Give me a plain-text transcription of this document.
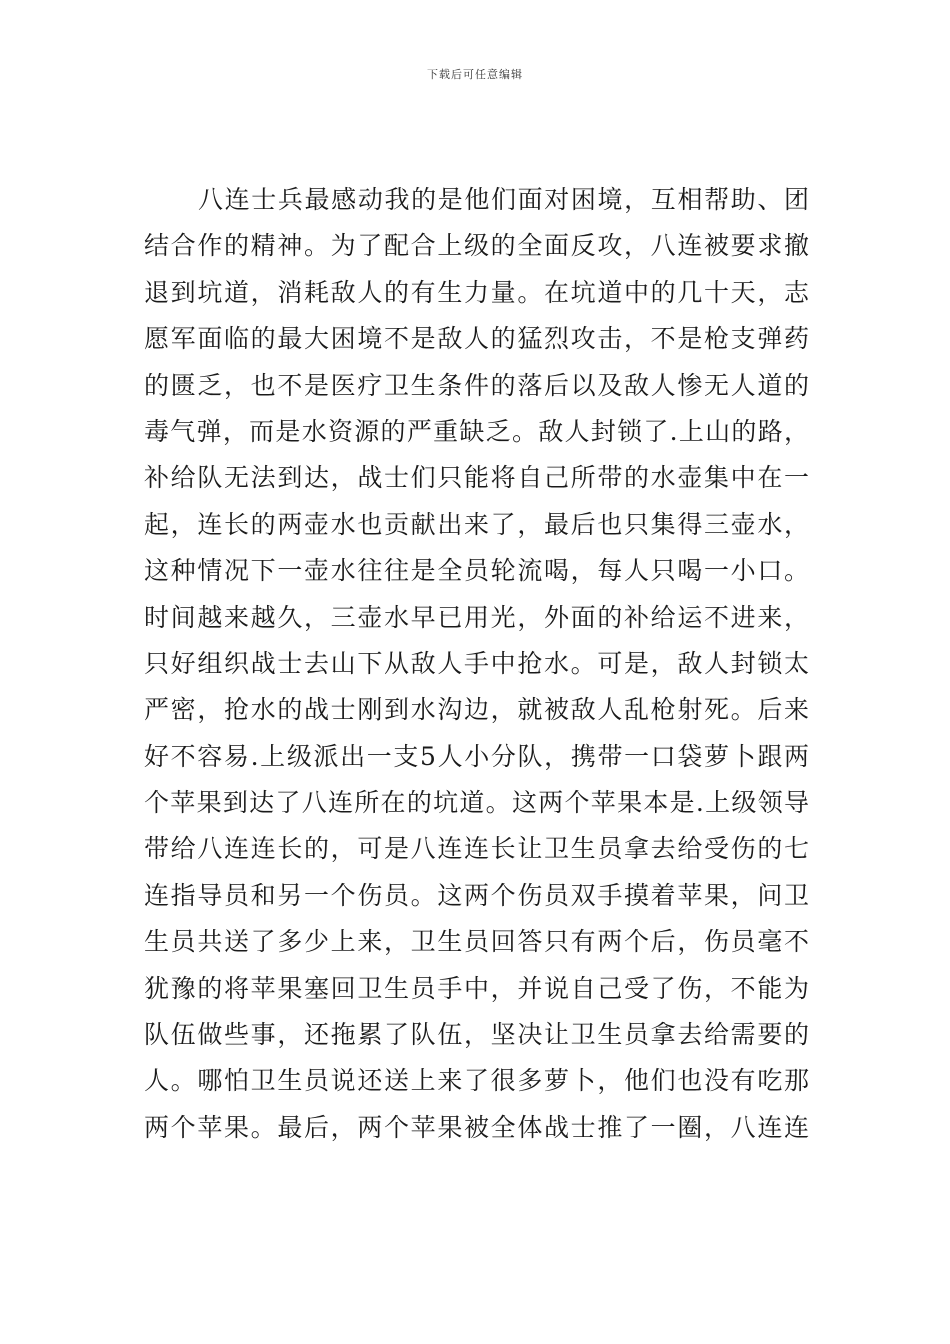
下载后可任意编辑
八连士兵最感动我的是他们面对困境，互相帮助、团
结合作的精神。为了配合上级的全面反攻，八连被要求撤
退到坑道，消耗敌人的有生力量。在坑道中的几十天，志
愿军面临的最大困境不是敌人的猛烈攻击，不是枪支弹药
的匮乏，也不是医疗卫生条件的落后以及敌人惨无人道的
毒气弹，而是水资源的严重缺乏。敌人封锁了.上山的路，
补给队无法到达，战士们只能将自己所带的水壶集中在一
起，连长的两壶水也贡献出来了，最后也只集得三壶水，
这种情况下一壶水往往是全员轮流喝，每人只喝一小口。
时间越来越久，三壶水早已用光，外面的补给运不进来，
只好组织战士去山下从敌人手中抢水。可是，敌人封锁太
严密，抢水的战士刚到水沟边，就被敌人乱枪射死。后来
好不容易.上级派出一支5人小分队，携带一口袋萝卜跟两
个苹果到达了八连所在的坑道。这两个苹果本是.上级领导
带给八连连长的，可是八连连长让卫生员拿去给受伤的七
连指导员和另一个伤员。这两个伤员双手摸着苹果，问卫
生员共送了多少上来，卫生员回答只有两个后，伤员毫不
犹豫的将苹果塞回卫生员手中，并说自己受了伤，不能为
队伍做些事，还拖累了队伍，坚决让卫生员拿去给需要的
人。哪怕卫生员说还送上来了很多萝卜，他们也没有吃那
两个苹果。最后，两个苹果被全体战士推了一圈，八连连
